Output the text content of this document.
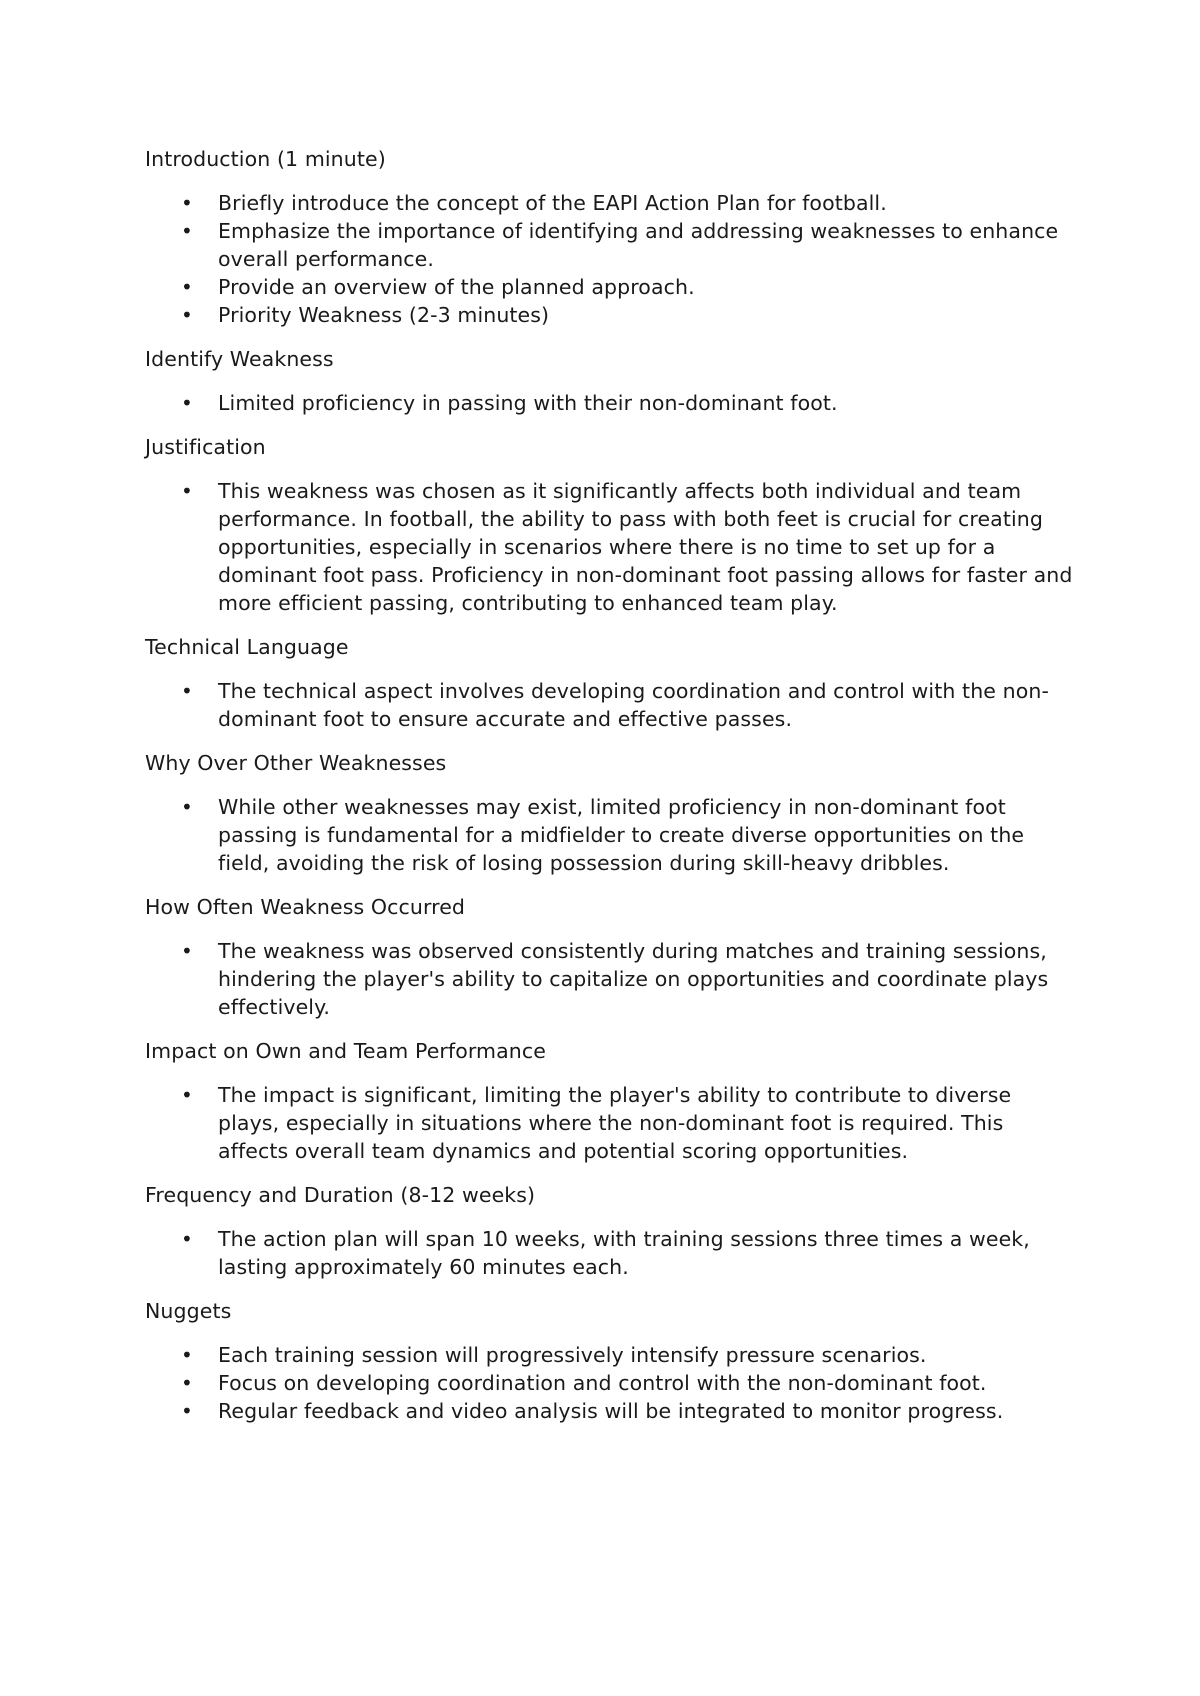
Introduction (1 minute)
• Briefly introduce the concept of the EAPI Action Plan for football.
• Emphasize the importance of identifying and addressing weaknesses to enhance overall performance.
• Provide an overview of the planned approach.
• Priority Weakness (2-3 minutes)
Identify Weakness
• Limited proficiency in passing with their non-dominant foot.
Justification
• This weakness was chosen as it significantly affects both individual and team performance. In football, the ability to pass with both feet is crucial for creating opportunities, especially in scenarios where there is no time to set up for a dominant foot pass. Proficiency in non-dominant foot passing allows for faster and more efficient passing, contributing to enhanced team play.
Technical Language
• The technical aspect involves developing coordination and control with the non-dominant foot to ensure accurate and effective passes.
Why Over Other Weaknesses
• While other weaknesses may exist, limited proficiency in non-dominant foot passing is fundamental for a midfielder to create diverse opportunities on the field, avoiding the risk of losing possession during skill-heavy dribbles.
How Often Weakness Occurred
• The weakness was observed consistently during matches and training sessions, hindering the player's ability to capitalize on opportunities and coordinate plays effectively.
Impact on Own and Team Performance
• The impact is significant, limiting the player's ability to contribute to diverse plays, especially in situations where the non-dominant foot is required. This affects overall team dynamics and potential scoring opportunities.
Frequency and Duration (8-12 weeks)
• The action plan will span 10 weeks, with training sessions three times a week, lasting approximately 60 minutes each.
Nuggets
• Each training session will progressively intensify pressure scenarios.
• Focus on developing coordination and control with the non-dominant foot.
• Regular feedback and video analysis will be integrated to monitor progress.
